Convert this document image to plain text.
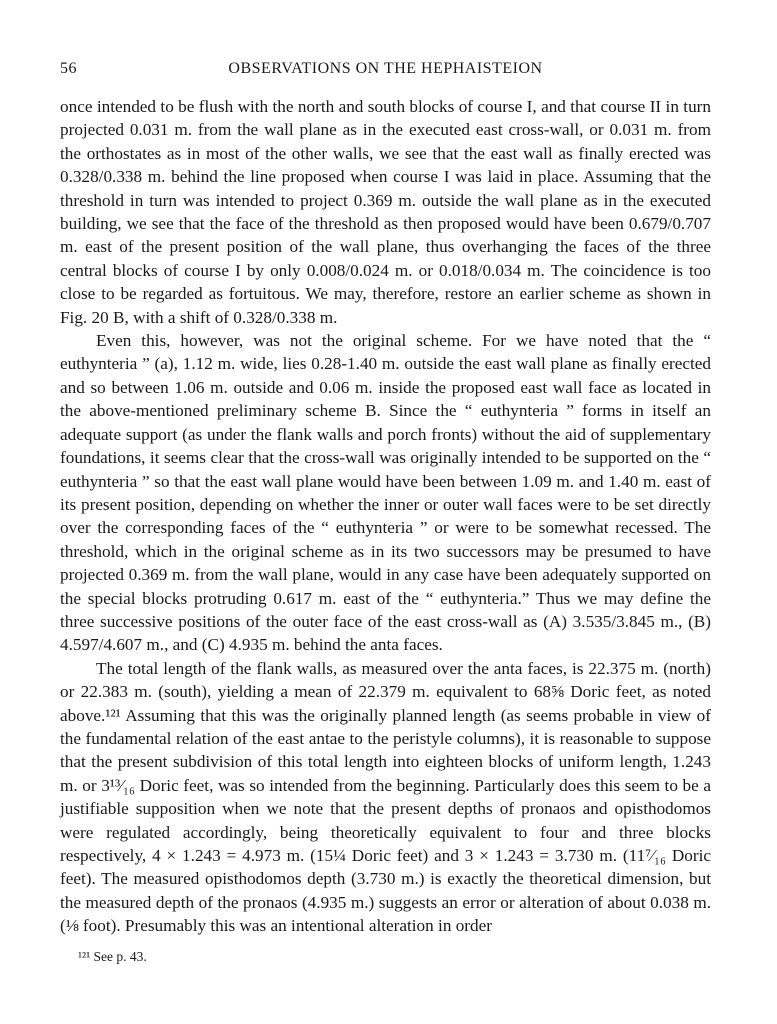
56	OBSERVATIONS ON THE HEPHAISTEION

once intended to be flush with the north and south blocks of course I, and that course II in turn projected 0.031 m. from the wall plane as in the executed east cross-wall, or 0.031 m. from the orthostates as in most of the other walls, we see that the east wall as finally erected was 0.328/0.338 m. behind the line proposed when course I was laid in place. Assuming that the threshold in turn was intended to project 0.369 m. outside the wall plane as in the executed building, we see that the face of the threshold as then proposed would have been 0.679/0.707 m. east of the present position of the wall plane, thus overhanging the faces of the three central blocks of course I by only 0.008/0.024 m. or 0.018/0.034 m. The coincidence is too close to be regarded as fortuitous. We may, therefore, restore an earlier scheme as shown in Fig. 20 B, with a shift of 0.328/0.338 m.

Even this, however, was not the original scheme. For we have noted that the “ euthynteria ” (a), 1.12 m. wide, lies 0.28-1.40 m. outside the east wall plane as finally erected and so between 1.06 m. outside and 0.06 m. inside the proposed east wall face as located in the above-mentioned preliminary scheme B. Since the “ euthynteria ” forms in itself an adequate support (as under the flank walls and porch fronts) without the aid of supplementary foundations, it seems clear that the cross-wall was originally intended to be supported on the “ euthynteria ” so that the east wall plane would have been between 1.09 m. and 1.40 m. east of its present position, depending on whether the inner or outer wall faces were to be set directly over the corresponding faces of the “ euthynteria ” or were to be somewhat recessed. The threshold, which in the original scheme as in its two successors may be presumed to have projected 0.369 m. from the wall plane, would in any case have been adequately supported on the special blocks protruding 0.617 m. east of the “ euthynteria.” Thus we may define the three successive positions of the outer face of the east cross-wall as (A) 3.535/3.845 m., (B) 4.597/4.607 m., and (C) 4.935 m. behind the anta faces.

The total length of the flank walls, as measured over the anta faces, is 22.375 m. (north) or 22.383 m. (south), yielding a mean of 22.379 m. equivalent to 68⅝ Doric feet, as noted above.¹²¹ Assuming that this was the originally planned length (as seems probable in view of the fundamental relation of the east antae to the peristyle columns), it is reasonable to suppose that the present subdivision of this total length into eighteen blocks of uniform length, 1.243 m. or 3¹³⁄₁₆ Doric feet, was so intended from the beginning. Particularly does this seem to be a justifiable supposition when we note that the present depths of pronaos and opisthodomos were regulated accordingly, being theoretically equivalent to four and three blocks respectively, 4 × 1.243 = 4.973 m. (15¼ Doric feet) and 3 × 1.243 = 3.730 m. (11⁷⁄₁₆ Doric feet). The measured opisthodomos depth (3.730 m.) is exactly the theoretical dimension, but the measured depth of the pronaos (4.935 m.) suggests an error or alteration of about 0.038 m. (⅛ foot). Presumably this was an intentional alteration in order

¹²¹ See p. 43.
